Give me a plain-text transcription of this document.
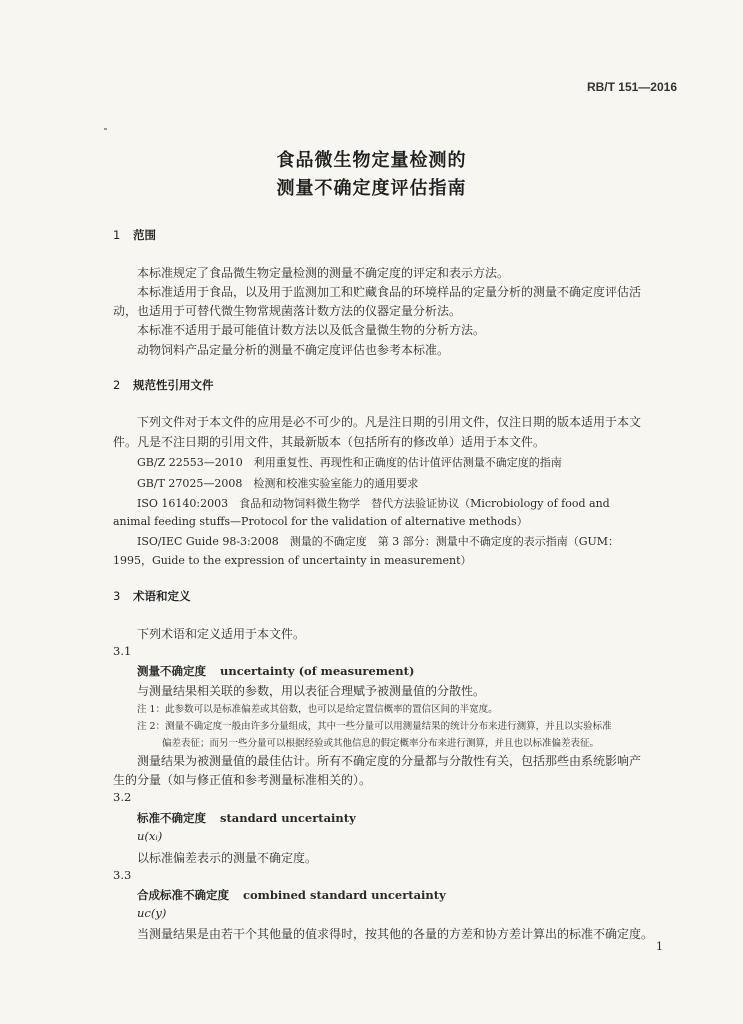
RB/T 151—2016
食品微生物定量检测的
测量不确定度评估指南
1 范围
本标准规定了食品微生物定量检测的测量不确定度的评定和表示方法。
本标准适用于食品，以及用于监测加工和贮藏食品的环境样品的定量分析的测量不确定度评估活
动，也适用于可替代微生物常规菌落计数方法的仪器定量分析法。
本标准不适用于最可能值计数方法以及低含量微生物的分析方法。
动物饲料产品定量分析的测量不确定度评估也参考本标准。
2 规范性引用文件
下列文件对于本文件的应用是必不可少的。凡是注日期的引用文件，仅注日期的版本适用于本文
件。凡是不注日期的引用文件，其最新版本（包括所有的修改单）适用于本文件。
GB/Z 22553—2010　利用重复性、再现性和正确度的估计值评估测量不确定度的指南
GB/T 27025—2008　检测和校准实验室能力的通用要求
ISO 16140:2003　食品和动物饲料微生物学　替代方法验证协议（Microbiology of food and
animal feeding stuffs—Protocol for the validation of alternative methods）
ISO/IEC Guide 98-3:2008　测量的不确定度　第 3 部分：测量中不确定度的表示指南（GUM：
1995，Guide to the expression of uncertainty in measurement）
3 术语和定义
下列术语和定义适用于本文件。
3.1
测量不确定度 uncertainty (of measurement)
与测量结果相关联的参数，用以表征合理赋予被测量值的分散性。
注 1：此参数可以是标准偏差或其倍数，也可以是给定置信概率的置信区间的半宽度。
注 2：测量不确定度一般由许多分量组成，其中一些分量可以用测量结果的统计分布来进行测算，并且以实验标准
偏差表征；而另一些分量可以根据经验或其他信息的假定概率分布来进行测算，并且也以标准偏差表征。
测量结果为被测量值的最佳估计。所有不确定度的分量都与分散性有关，包括那些由系统影响产
生的分量（如与修正值和参考测量标准相关的）。
3.2
标准不确定度 standard uncertainty
u(xᵢ)
以标准偏差表示的测量不确定度。
3.3
合成标准不确定度 combined standard uncertainty
uc(y)
当测量结果是由若干个其他量的值求得时，按其他的各量的方差和协方差计算出的标准不确定度。
1
